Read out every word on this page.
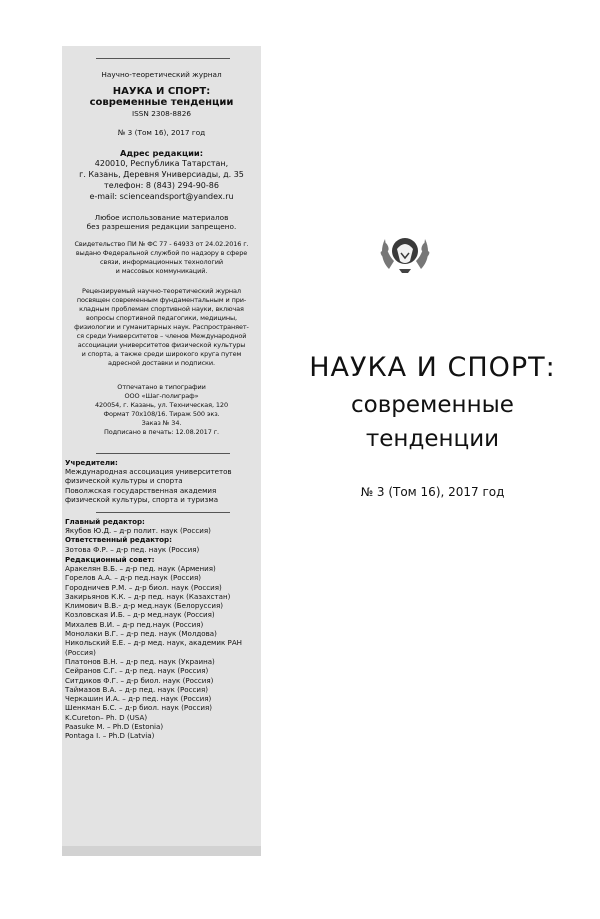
Научно-теоретический журнал
НАУКА И СПОРТ:
современные тенденции
ISSN 2308-8826
№ 3 (Том 16), 2017 год
Адрес редакции:
420010, Республика Татарстан,
г. Казань, Деревня Универсиады, д. 35
телефон: 8 (843) 294-90-86
e-mail: scienceandsport@yandex.ru
Любое использование материалов
без разрешения редакции запрещено.
Свидетельство ПИ № ФС 77 - 64933 от 24.02.2016 г.
выдано Федеральной службой по надзору в сфере
связи, информационных технологий
и массовых коммуникаций.
Рецензируемый научно-теоретический журнал
посвящен современным фундаментальным и при-
кладным проблемам спортивной науки, включая
вопросы спортивной педагогики, медицины,
физиологии и гуманитарных наук. Распространяет-
ся среди Университетов – членов Международной
ассоциации университетов физической культуры
и спорта, а также среди широкого круга путем
адресной доставки и подписки.
Отпечатано в типографии
ООО «Шаг-полиграф»
420054, г. Казань, ул. Техническая, 120
Формат 70х108/16. Тираж 500 экз.
Заказ № 34.
Подписано в печать: 12.08.2017 г.
Учредители:
Международная ассоциация университетов
физической культуры и спорта
Поволжская государственная академия
физической культуры, спорта и туризма
Главный редактор:
Якубов Ю.Д. – д-р полит. наук (Россия)
Ответственный редактор:
Зотова Ф.Р. – д-р пед. наук (Россия)
Редакционный совет:
Аракелян В.Б. – д-р пед. наук (Армения)
Горелов А.А. – д-р пед.наук (Россия)
Городничев Р.М. – д-р биол. наук (Россия)
Закирьянов К.К. – д-р пед. наук (Казахстан)
Климович В.В.- д-р мед.наук (Белоруссия)
Козловская И.Б. – д-р мед.наук (Россия)
Михалев В.И. – д-р пед.наук (Россия)
Монолаки В.Г. – д-р пед. наук (Молдова)
Никольский Е.Е. – д-р мед. наук, академик РАН
(Россия)
Платонов В.Н. – д-р пед. наук (Украина)
Сейранов С.Г. – д-р пед. наук (Россия)
Ситдиков Ф.Г. – д-р биол. наук (Россия)
Таймазов В.А. – д-р пед. наук (Россия)
Черкашин И.А. – д-р пед. наук (Россия)
Шенкман Б.С. – д-р биол. наук (Россия)
K.Cureton– Ph. D (USA)
Paasuke M. – Ph.D (Estonia)
Pontaga I. – Ph.D (Latvia)
НАУКА И СПОРТ:
современные
тенденции
№ 3 (Том 16), 2017 год
